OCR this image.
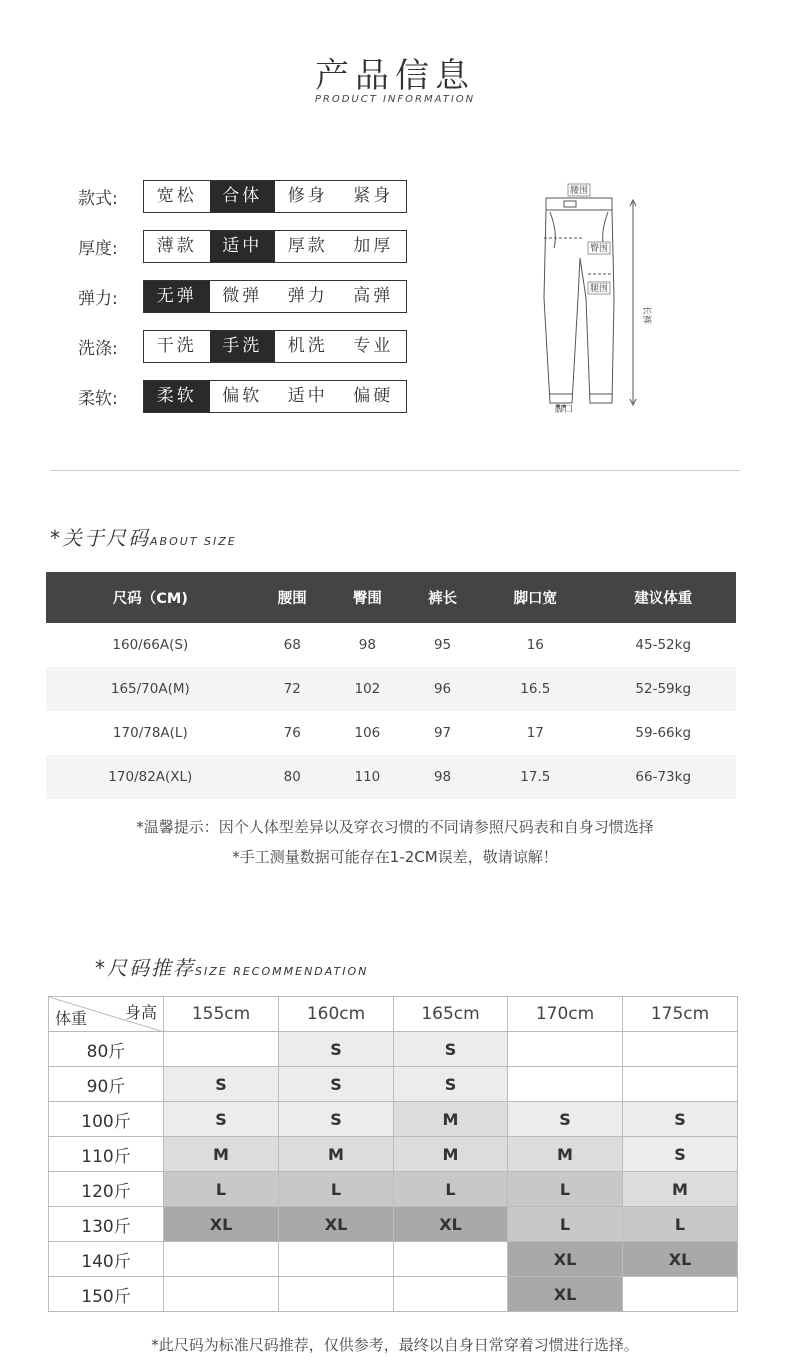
产品信息
PRODUCT INFORMATION
款式:	宽松	合体	修身	紧身
厚度:	薄款	适中	厚款	加厚
弹力:	无弹	微弹	弹力	高弹
洗涤:	干洗	手洗	机洗	专业
柔软:	柔软	偏软	适中	偏硬
腰围
臀围
腿围
长裤
脚口
*关于尺码ABOUT SIZE
尺码（CM)	腰围	臀围	裤长	脚口宽	建议体重
160/66A(S)	68	98	95	16	45-52kg
165/70A(M)	72	102	96	16.5	52-59kg
170/78A(L)	76	106	97	17	59-66kg
170/82A(XL)	80	110	98	17.5	66-73kg
*温馨提示：因个人体型差异以及穿衣习惯的不同请参照尺码表和自身习惯选择
*手工测量数据可能存在1-2CM误差，敬请谅解！
*尺码推荐SIZE RECOMMENDATION
身高
体重	155cm	160cm	165cm	170cm	175cm
80斤		S	S		
90斤	S	S	S		
100斤	S	S	M	S	S
110斤	M	M	M	M	S
120斤	L	L	L	L	M
130斤	XL	XL	XL	L	L
140斤				XL	XL
150斤				XL	
*此尺码为标准尺码推荐，仅供参考，最终以自身日常穿着习惯进行选择。
